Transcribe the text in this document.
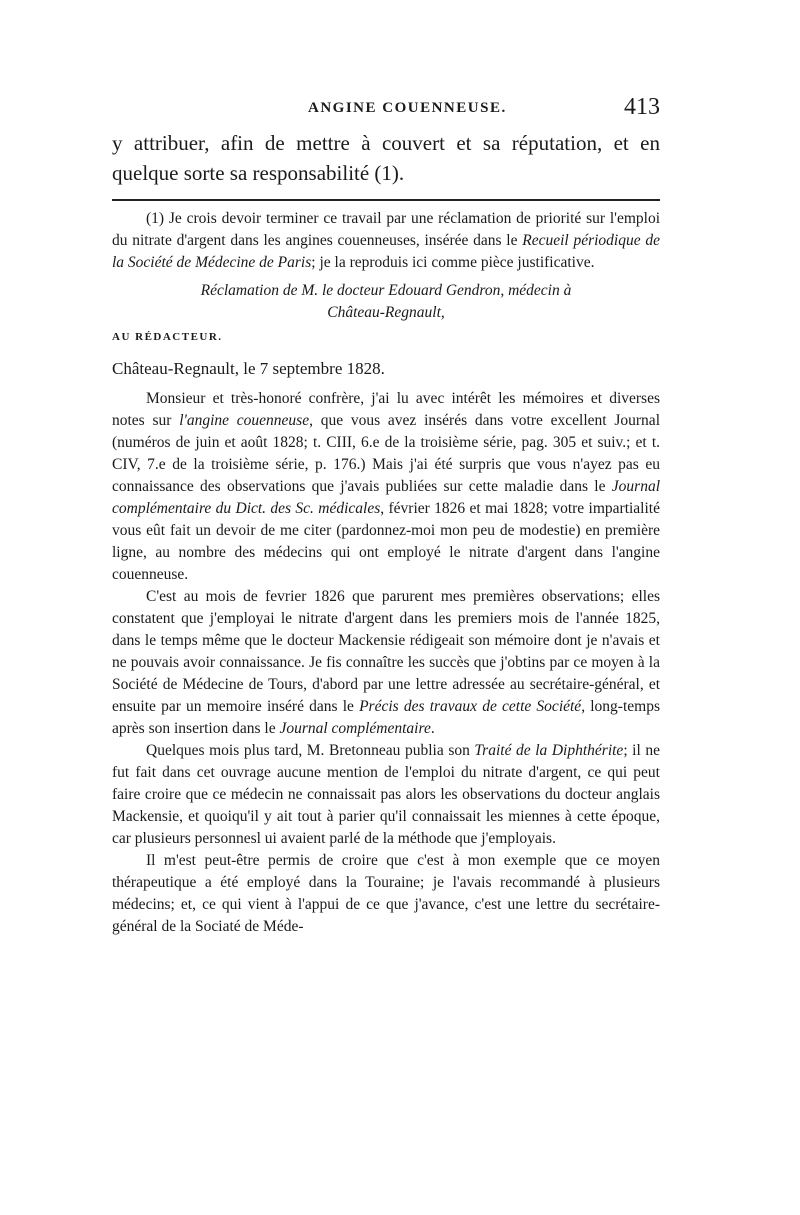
ANGINE COUENNEUSE.	413

y attribuer, afin de mettre à couvert et sa réputation, et en quelque sorte sa responsabilité (1).

(1) Je crois devoir terminer ce travail par une réclamation de priorité sur l'emploi du nitrate d'argent dans les angines couenneuses, insérée dans le Recueil périodique de la Société de Médecine de Paris; je la reproduis ici comme pièce justificative.

Réclamation de M. le docteur Edouard Gendron, médecin à
Château-Regnault,

AU RÉDACTEUR.

Château-Regnault, le 7 septembre 1828.

Monsieur et très-honoré confrère, j'ai lu avec intérêt les mémoires et diverses notes sur l'angine couenneuse, que vous avez insérés dans votre excellent Journal (numéros de juin et août 1828; t. CIII, 6.e de la troisième série, pag. 305 et suiv.; et t. CIV, 7.e de la troisième série, p. 176.) Mais j'ai été surpris que vous n'ayez pas eu connaissance des observations que j'avais publiées sur cette maladie dans le Journal complémentaire du Dict. des Sc. médicales, février 1826 et mai 1828; votre impartialité vous eût fait un devoir de me citer (pardonnez-moi mon peu de modestie) en première ligne, au nombre des médecins qui ont employé le nitrate d'argent dans l'angine couenneuse.

C'est au mois de fevrier 1826 que parurent mes premières observations; elles constatent que j'employai le nitrate d'argent dans les premiers mois de l'année 1825, dans le temps même que le docteur Mackensie rédigeait son mémoire dont je n'avais et ne pouvais avoir connaissance. Je fis connaître les succès que j'obtins par ce moyen à la Société de Médecine de Tours, d'abord par une lettre adressée au secrétaire-général, et ensuite par un memoire inséré dans le Précis des travaux de cette Société, long-temps après son insertion dans le Journal complémentaire.

Quelques mois plus tard, M. Bretonneau publia son Traité de la Diphthérite; il ne fut fait dans cet ouvrage aucune mention de l'emploi du nitrate d'argent, ce qui peut faire croire que ce médecin ne connaissait pas alors les observations du docteur anglais Mackensie, et quoiqu'il y ait tout à parier qu'il connaissait les miennes à cette époque, car plusieurs personnesl ui avaient parlé de la méthode que j'employais.

Il m'est peut-être permis de croire que c'est à mon exemple que ce moyen thérapeutique a été employé dans la Touraine; je l'avais recommandé à plusieurs médecins; et, ce qui vient à l'appui de ce que j'avance, c'est une lettre du secrétaire-général de la Sociaté de Méde-
